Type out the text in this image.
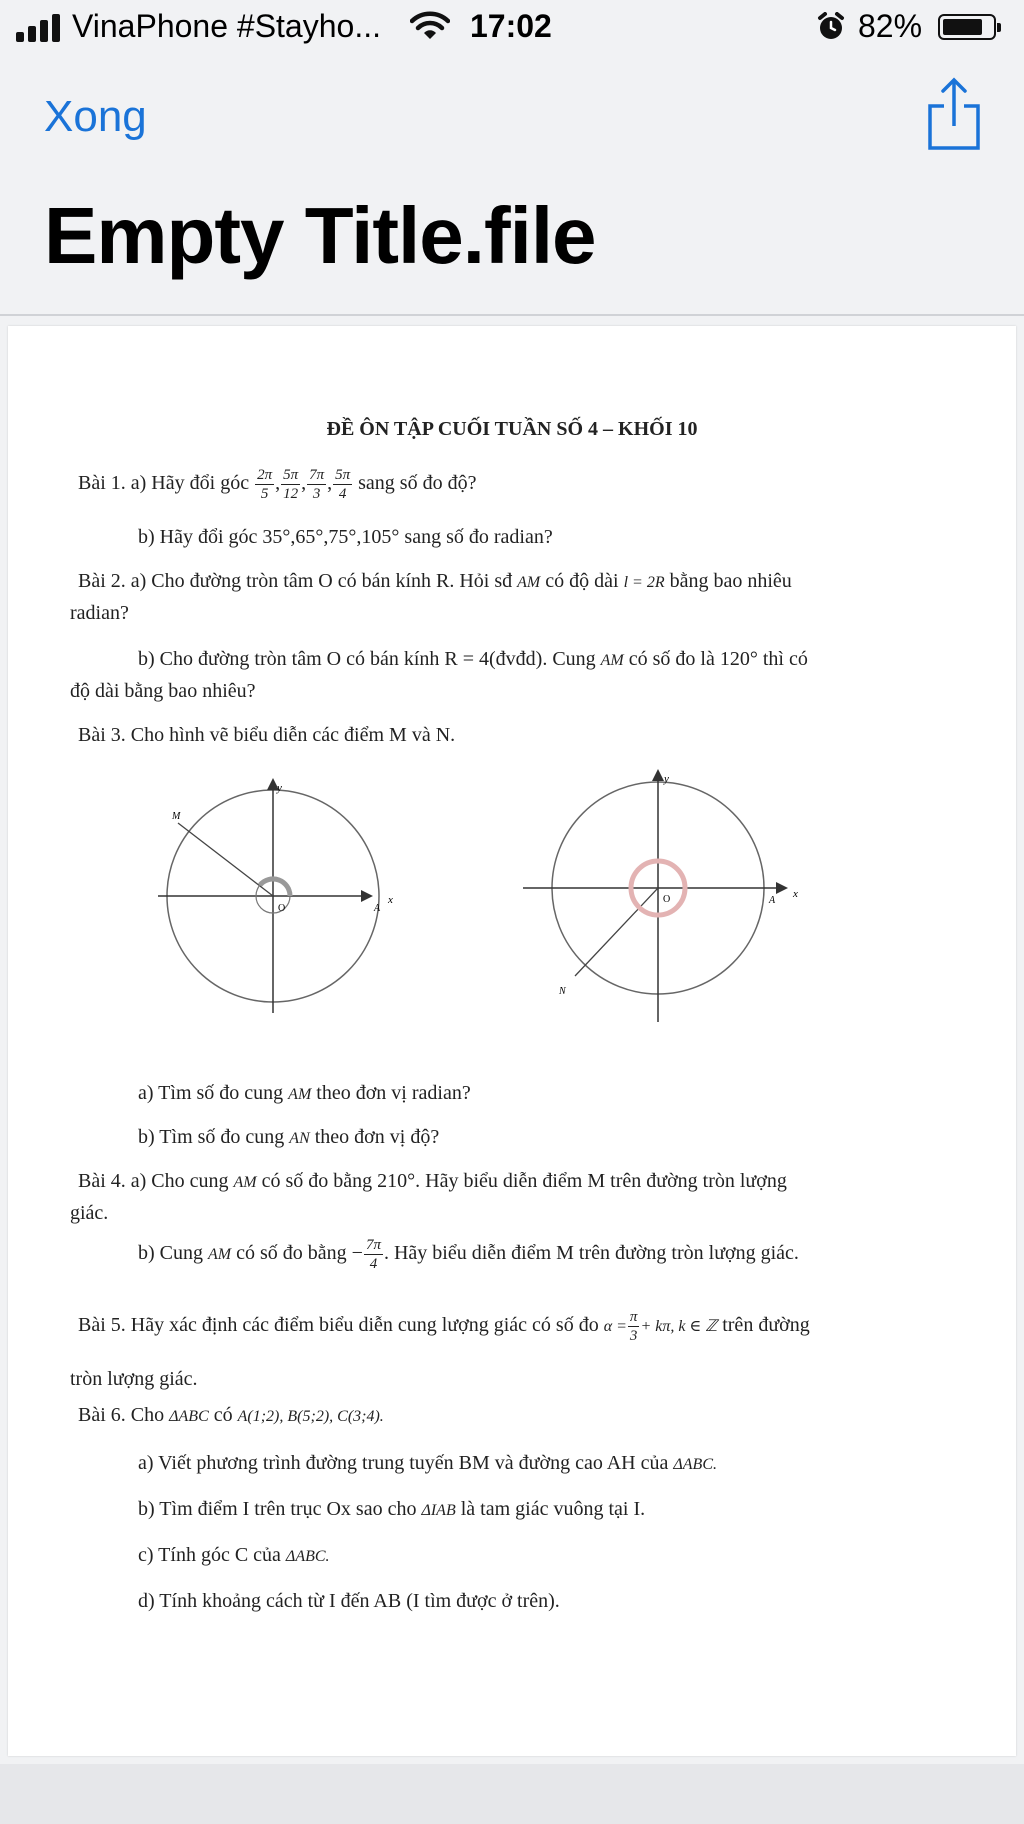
VinaPhone #Stayho...	17:02	82%
Xong
Empty Title.file
ĐỀ ÔN TẬP CUỐI TUẦN SỐ 4 – KHỐI 10
Bài 1. a) Hãy đổi góc $\frac{2\pi}{5}$ , $\frac{5\pi}{12}$ , $\frac{7\pi}{3}$ , $\frac{5\pi}{4}$ sang số đo độ?
b) Hãy đổi góc 35°,65°,75°,105° sang số đo radian?
Bài 2. a) Cho đường tròn tâm O có bán kính R. Hỏi sđ AM có độ dài l = 2R bằng bao nhiêu
radian?
b) Cho đường tròn tâm O có bán kính R = 4(đvđd). Cung AM có số đo là 120° thì có
độ dài bằng bao nhiêu?
Bài 3. Cho hình vẽ biểu diễn các điểm M và N.
y
x
O	A
M
y
x
O	A
N
a) Tìm số đo cung AM theo đơn vị radian?
b) Tìm số đo cung AN theo đơn vị độ?
Bài 4. a) Cho cung AM có số đo bằng 210°. Hãy biểu diễn điểm M trên đường tròn lượng
giác.
b) Cung AM có số đo bằng − $\frac{7\pi}{4}$ . Hãy biểu diễn điểm M trên đường tròn lượng giác.
Bài 5. Hãy xác định các điểm biểu diễn cung lượng giác có số đo $\alpha = \frac{\pi}{3} + k\pi$, k ∈ ℤ trên đường
tròn lượng giác.
Bài 6. Cho ΔABC có A(1;2), B(5;2), C(3;4).
a) Viết phương trình đường trung tuyến BM và đường cao AH của ΔABC.
b) Tìm điểm I trên trục Ox sao cho ΔIAB là tam giác vuông tại I.
c) Tính góc C của ΔABC.
d) Tính khoảng cách từ I đến AB (I tìm được ở trên).
